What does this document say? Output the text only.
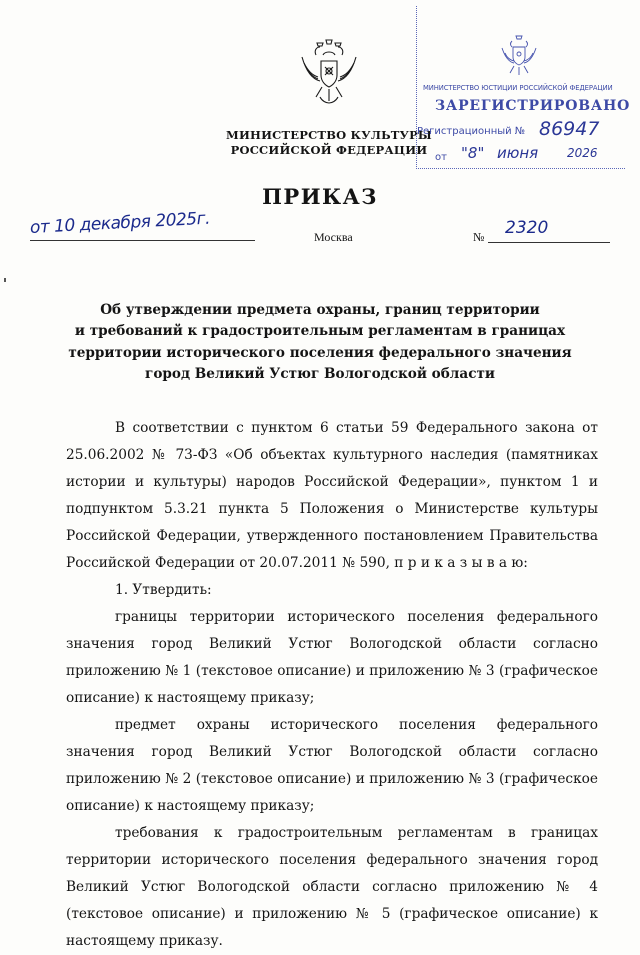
МИНИСТЕРСТВО КУЛЬТУРЫ
РОССИЙСКОЙ ФЕДЕРАЦИИ
МИНИСТЕРСТВО ЮСТИЦИИ РОССИЙСКОЙ ФЕДЕРАЦИИ
ЗАРЕГИСТРИРОВАНО
Регистрационный № 86947
от "8" июня 2026
ПРИКАЗ
от 10 декабря 2025г.	Москва	№ 2320
Об утверждении предмета охраны, границ территории
и требований к градостроительным регламентам в границах
территории исторического поселения федерального значения
город Великий Устюг Вологодской области

В соответствии с пунктом 6 статьи 59 Федерального закона от 25.06.2002 № 73-ФЗ «Об объектах культурного наследия (памятниках истории и культуры) народов Российской Федерации», пунктом 1 и подпунктом 5.3.21 пункта 5 Положения о Министерстве культуры Российской Федерации, утвержденного постановлением Правительства Российской Федерации от 20.07.2011 № 590, п р и к а з ы в а ю:

1. Утвердить:

границы территории исторического поселения федерального значения город Великий Устюг Вологодской области согласно приложению № 1 (текстовое описание) и приложению № 3 (графическое описание) к настоящему приказу;

предмет охраны исторического поселения федерального значения город Великий Устюг Вологодской области согласно приложению № 2 (текстовое описание) и приложению № 3 (графическое описание) к настоящему приказу;

требования к градостроительным регламентам в границах территории исторического поселения федерального значения город Великий Устюг Вологодской области согласно приложению № 4 (текстовое описание) и приложению № 5 (графическое описание) к настоящему приказу.
